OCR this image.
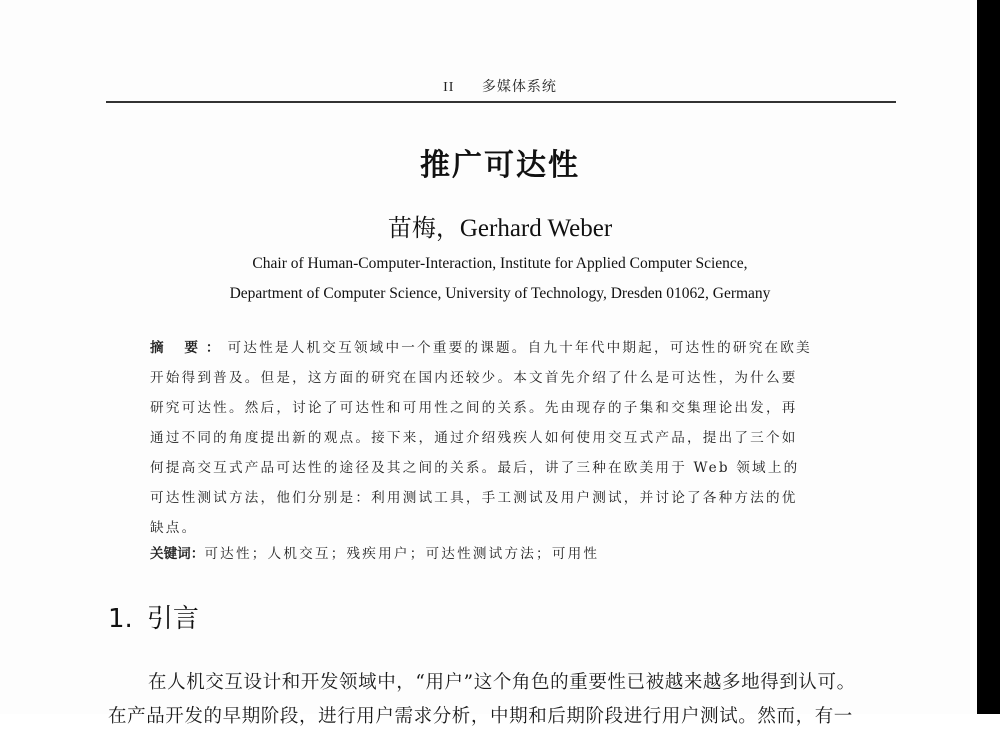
II 多媒体系统
推广可达性
苗梅，Gerhard Weber
Chair of Human-Computer-Interaction, Institute for Applied Computer Science,
Department of Computer Science, University of Technology, Dresden 01062, Germany
摘 要：可达性是人机交互领域中一个重要的课题。自九十年代中期起，可达性的研究在欧美
开始得到普及。但是，这方面的研究在国内还较少。本文首先介绍了什么是可达性，为什么要
研究可达性。然后，讨论了可达性和可用性之间的关系。先由现存的子集和交集理论出发，再
通过不同的角度提出新的观点。接下来，通过介绍残疾人如何使用交互式产品，提出了三个如
何提高交互式产品可达性的途径及其之间的关系。最后，讲了三种在欧美用于 Web 领域上的
可达性测试方法，他们分别是：利用测试工具，手工测试及用户测试，并讨论了各种方法的优
缺点。
关键词：可达性；人机交互；残疾用户；可达性测试方法；可用性
1. 引言
在人机交互设计和开发领域中，“用户”这个角色的重要性已被越来越多地得到认可。
在产品开发的早期阶段，进行用户需求分析，中期和后期阶段进行用户测试。然而，有一
